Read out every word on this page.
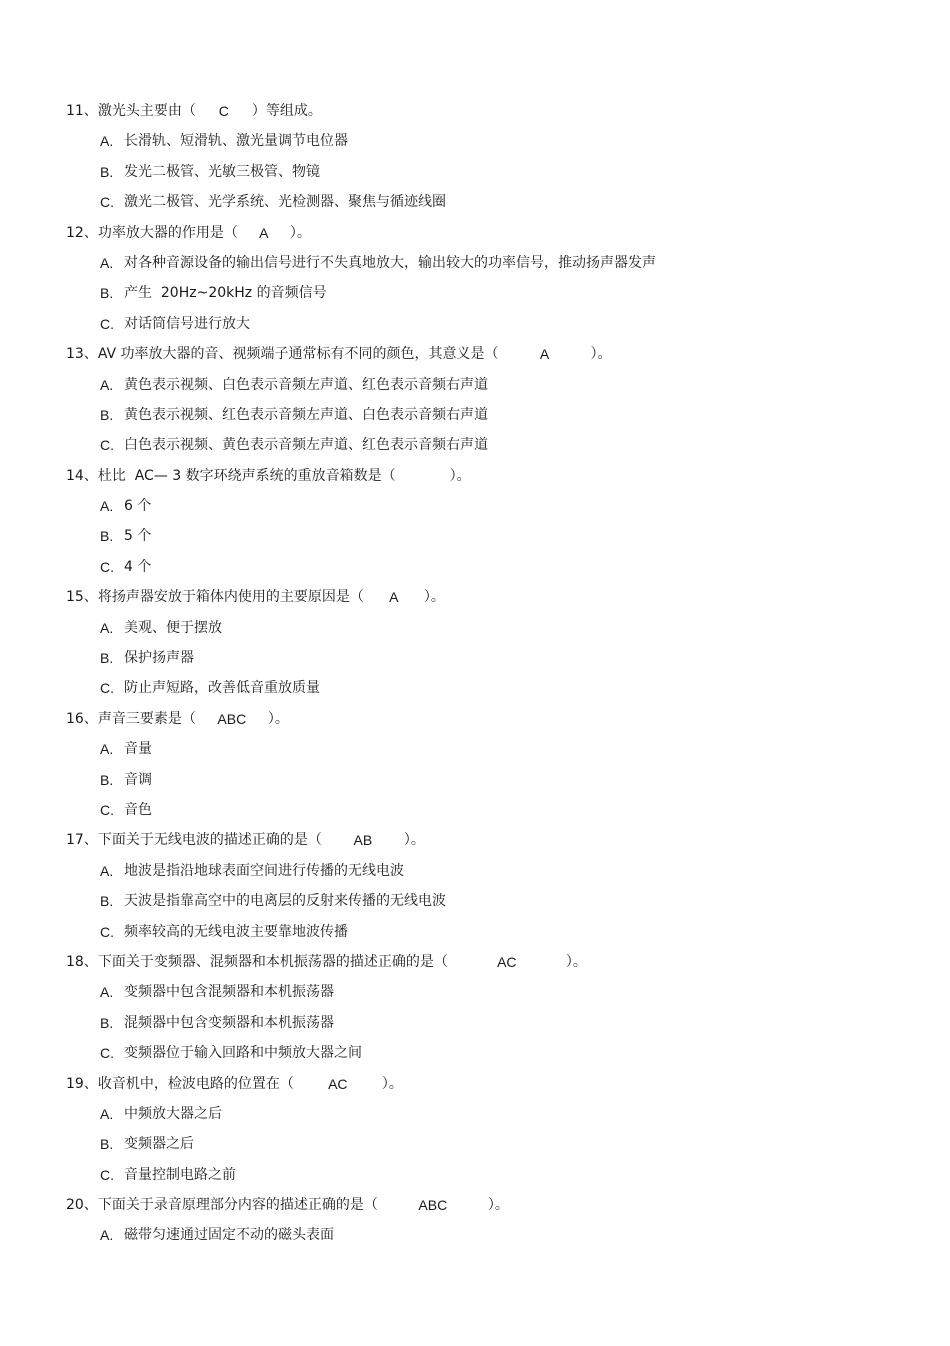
11、 激光头主要由（	C	）等组成。
A. 长滑轨、短滑轨、激光量调节电位器
B. 发光二极管、光敏三极管、物镜
C. 激光二极管、光学系统、光检测器、聚焦与循迹线圈
12、 功率放大器的作用是（	A	）。
A. 对各种音源设备的输出信号进行不失真地放大，输出较大的功率信号，推动扬声器发声
B. 产生  20Hz~20kHz 的音频信号
C. 对话筒信号进行放大
13、 AV 功率放大器的音、视频端子通常标有不同的颜色，其意义是（	A	）。
A. 黄色表示视频、白色表示音频左声道、红色表示音频右声道
B. 黄色表示视频、红色表示音频左声道、白色表示音频右声道
C. 白色表示视频、黄色表示音频左声道、红色表示音频右声道
14、 杜比  AC— 3 数字环绕声系统的重放音箱数是（	）。
A. 6 个
B. 5 个
C. 4 个
15、 将扬声器安放于箱体内使用的主要原因是（	A	）。
A. 美观、便于摆放
B. 保护扬声器
C. 防止声短路，改善低音重放质量
16、 声音三要素是（	ABC	）。
A. 音量
B. 音调
C. 音色
17、 下面关于无线电波的描述正确的是（	AB	）。
A. 地波是指沿地球表面空间进行传播的无线电波
B. 天波是指靠高空中的电离层的反射来传播的无线电波
C. 频率较高的无线电波主要靠地波传播
18、 下面关于变频器、混频器和本机振荡器的描述正确的是（	AC	）。
A. 变频器中包含混频器和本机振荡器
B. 混频器中包含变频器和本机振荡器
C. 变频器位于输入回路和中频放大器之间
19、 收音机中，检波电路的位置在（	AC	）。
A. 中频放大器之后
B. 变频器之后
C. 音量控制电路之前
20、 下面关于录音原理部分内容的描述正确的是（	ABC	）。
A. 磁带匀速通过固定不动的磁头表面
